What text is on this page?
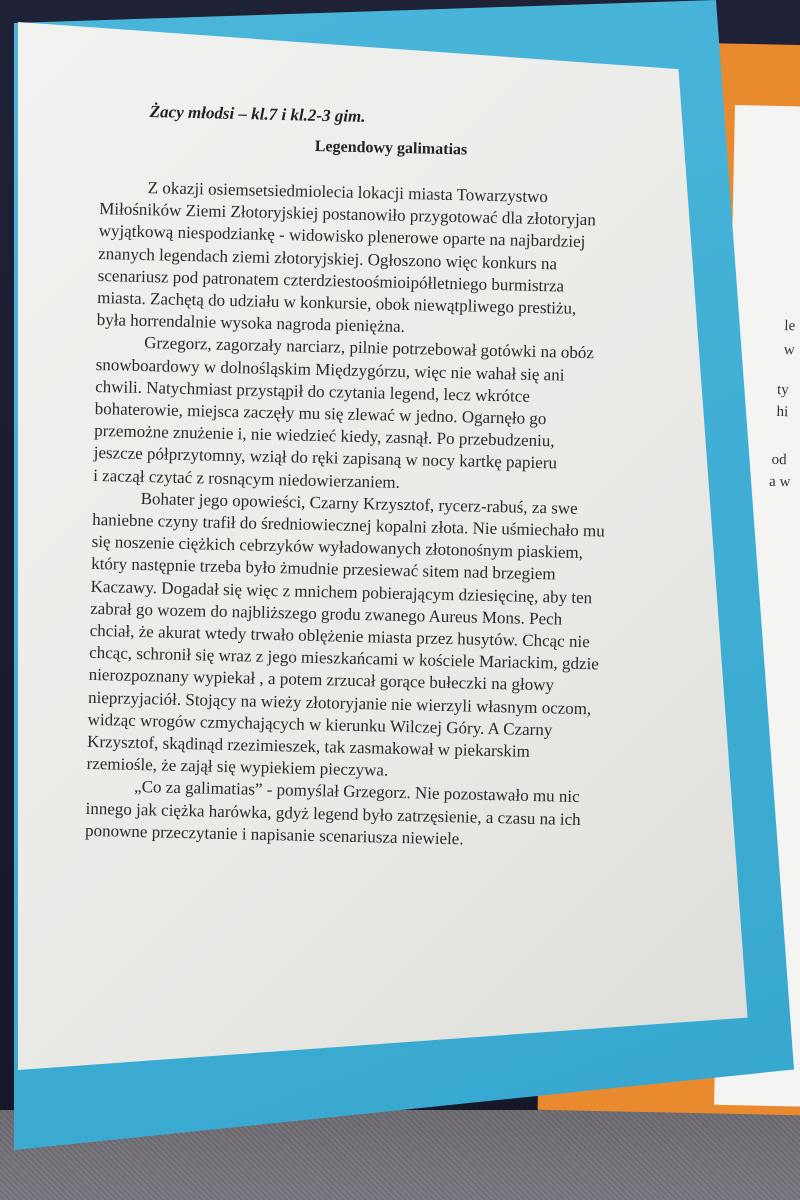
le
w
ty
hi
od
a w
Żacy młodsi – kl.7 i kl.2-3 gim.
Legendowy galimatias
Z okazji osiemsetsiedmiolecia lokacji miasta Towarzystwo
Miłośników Ziemi Złotoryjskiej postanowiło przygotować dla złotoryjan
wyjątkową niespodziankę - widowisko plenerowe oparte na najbardziej
znanych legendach ziemi złotoryjskiej. Ogłoszono więc konkurs na
scenariusz pod patronatem czterdziestoośmioipółletniego burmistrza
miasta. Zachętą do udziału w konkursie, obok niewątpliwego prestiżu,
była horrendalnie wysoka nagroda pieniężna.
Grzegorz, zagorzały narciarz, pilnie potrzebował gotówki na obóz
snowboardowy w dolnośląskim Międzygórzu, więc nie wahał się ani
chwili. Natychmiast przystąpił do czytania legend, lecz wkrótce
bohaterowie, miejsca zaczęły mu się zlewać w jedno. Ogarnęło go
przemożne znużenie i, nie wiedzieć kiedy, zasnął. Po przebudzeniu,
jeszcze półprzytomny, wziął do ręki zapisaną w nocy kartkę papieru
i zaczął czytać z rosnącym niedowierzaniem.
Bohater jego opowieści, Czarny Krzysztof, rycerz-rabuś, za swe
haniebne czyny trafił do średniowiecznej kopalni złota. Nie uśmiechało mu
się noszenie ciężkich cebrzyków wyładowanych złotonośnym piaskiem,
który następnie trzeba było żmudnie przesiewać sitem nad brzegiem
Kaczawy. Dogadał się więc z mnichem pobierającym dziesięcinę, aby ten
zabrał go wozem do najbliższego grodu zwanego Aureus Mons. Pech
chciał, że akurat wtedy trwało oblężenie miasta przez husytów. Chcąc nie
chcąc, schronił się wraz z jego mieszkańcami w kościele Mariackim, gdzie
nierozpoznany wypiekał , a potem zrzucał gorące bułeczki na głowy
nieprzyjaciół. Stojący na wieży złotoryjanie nie wierzyli własnym oczom,
widząc wrogów czmychających w kierunku Wilczej Góry. A Czarny
Krzysztof, skądinąd rzezimieszek, tak zasmakował w piekarskim
rzemiośle, że zajął się wypiekiem pieczywa.
„Co za galimatias” - pomyślał Grzegorz. Nie pozostawało mu nic
innego jak ciężka harówka, gdyż legend było zatrzęsienie, a czasu na ich
ponowne przeczytanie i napisanie scenariusza niewiele.
